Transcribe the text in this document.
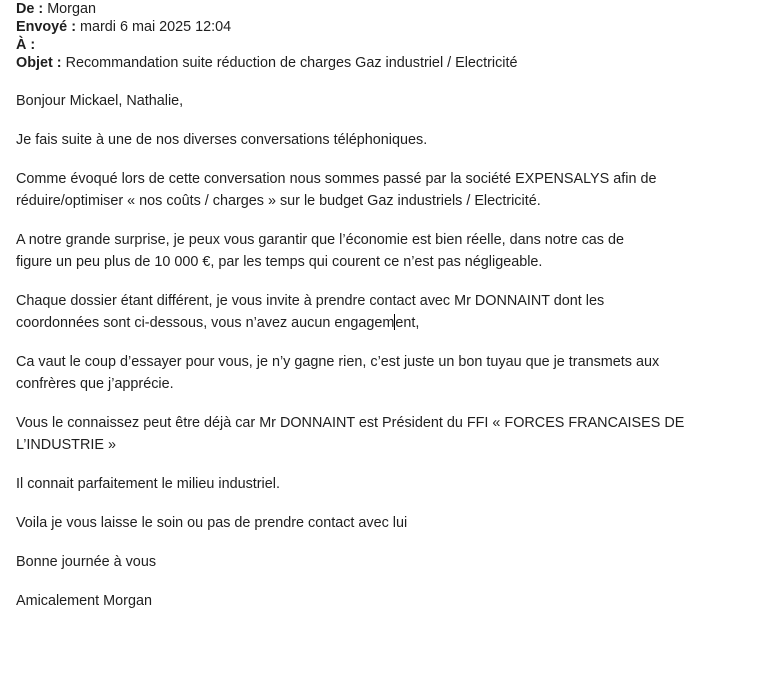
De : Morgan
Envoyé : mardi 6 mai 2025 12:04
À :
Objet : Recommandation suite réduction de charges Gaz industriel / Electricité

Bonjour Mickael, Nathalie,

Je fais suite à une de nos diverses conversations téléphoniques.

Comme évoqué lors de cette conversation nous sommes passé par la société EXPENSALYS afin de
réduire/optimiser « nos coûts / charges » sur le budget Gaz industriels / Electricité.

A notre grande surprise, je peux vous garantir que l’économie est bien réelle, dans notre cas de
figure un peu plus de 10 000 €, par les temps qui courent ce n’est pas négligeable.

Chaque dossier étant différent, je vous invite à prendre contact avec Mr DONNAINT dont les
coordonnées sont ci-dessous, vous n’avez aucun engagement,

Ca vaut le coup d’essayer pour vous, je n’y gagne rien, c’est juste un bon tuyau que je transmets aux
confrères que j’apprécie.

Vous le connaissez peut être déjà car Mr DONNAINT est Président du FFI « FORCES FRANCAISES DE
L’INDUSTRIE »

Il connait parfaitement le milieu industriel.

Voila je vous laisse le soin ou pas de prendre contact avec lui

Bonne journée à vous

Amicalement Morgan
